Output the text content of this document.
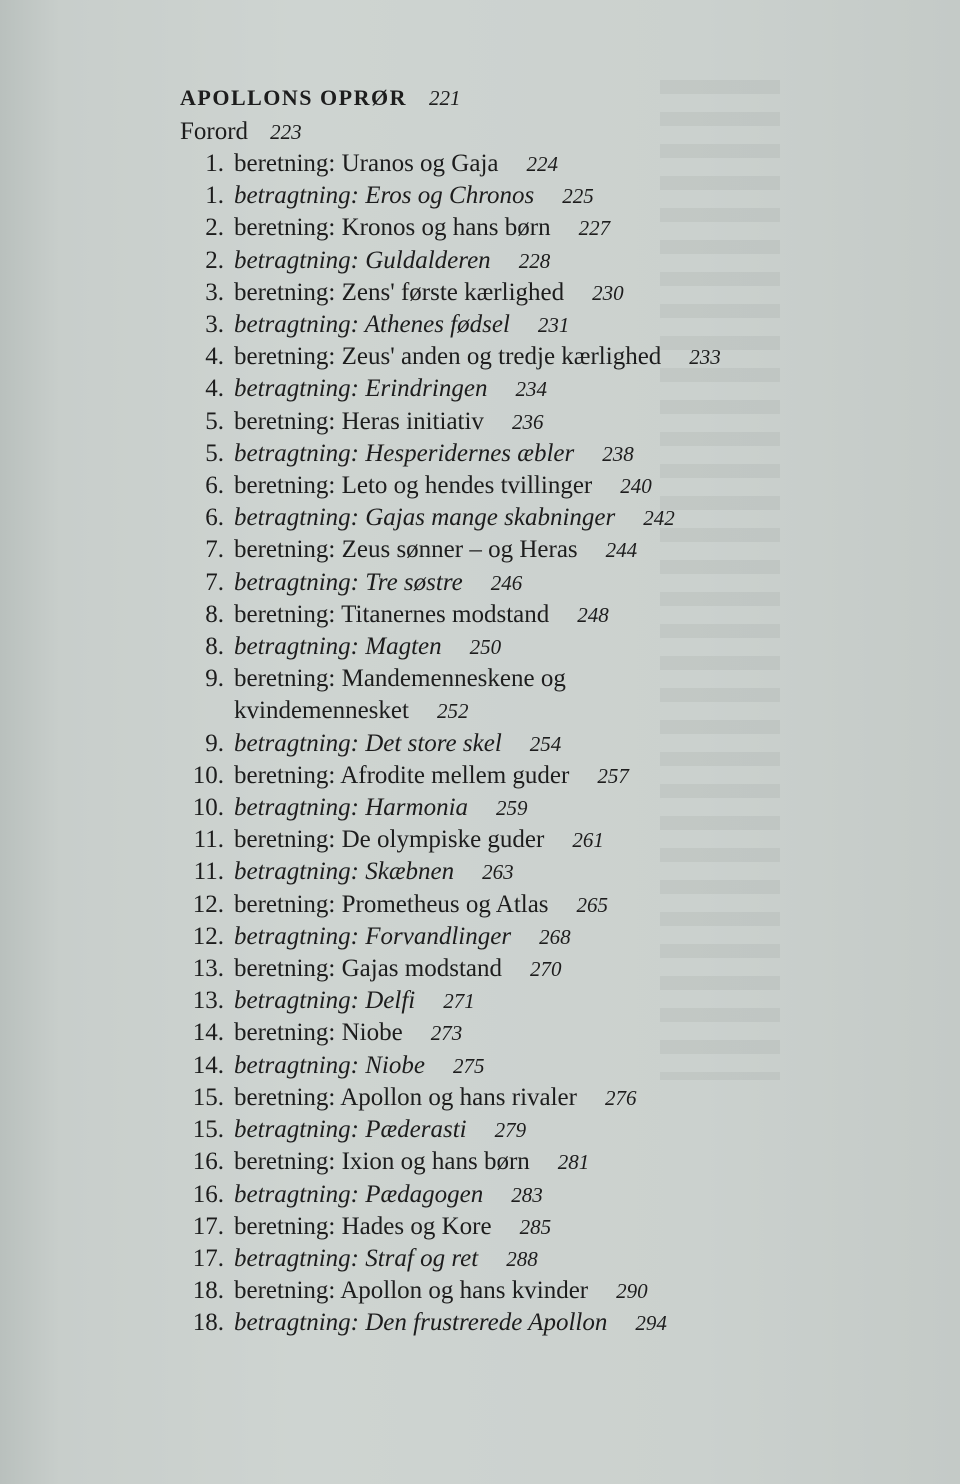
APOLLONS OPRØR 221
Forord 223
1. beretning: Uranos og Gaja 224
1. betragtning: Eros og Chronos 225
2. beretning: Kronos og hans børn 227
2. betragtning: Guldalderen 228
3. beretning: Zens' første kærlighed 230
3. betragtning: Athenes fødsel 231
4. beretning: Zeus' anden og tredje kærlighed 233
4. betragtning: Erindringen 234
5. beretning: Heras initiativ 236
5. betragtning: Hesperidernes æbler 238
6. beretning: Leto og hendes tvillinger 240
6. betragtning: Gajas mange skabninger 242
7. beretning: Zeus sønner – og Heras 244
7. betragtning: Tre søstre 246
8. beretning: Titanernes modstand 248
8. betragtning: Magten 250
9. beretning: Mandemenneskene og
kvindemennesket 252
9. betragtning: Det store skel 254
10. beretning: Afrodite mellem guder 257
10. betragtning: Harmonia 259
11. beretning: De olympiske guder 261
11. betragtning: Skæbnen 263
12. beretning: Prometheus og Atlas 265
12. betragtning: Forvandlinger 268
13. beretning: Gajas modstand 270
13. betragtning: Delfi 271
14. beretning: Niobe 273
14. betragtning: Niobe 275
15. beretning: Apollon og hans rivaler 276
15. betragtning: Pæderasti 279
16. beretning: Ixion og hans børn 281
16. betragtning: Pædagogen 283
17. beretning: Hades og Kore 285
17. betragtning: Straf og ret 288
18. beretning: Apollon og hans kvinder 290
18. betragtning: Den frustrerede Apollon 294
